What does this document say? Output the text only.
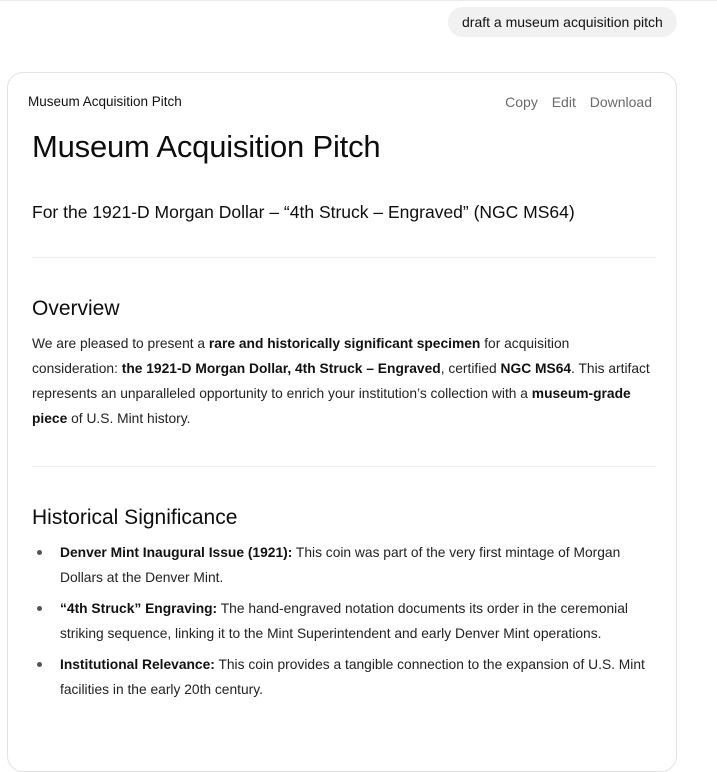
draft a museum acquisition pitch
Museum Acquisition Pitch	Copy Edit Download
Museum Acquisition Pitch

For the 1921-D Morgan Dollar – “4th Struck – Engraved” (NGC MS64)

Overview

We are pleased to present a rare and historically significant specimen for acquisition consideration: the 1921-D Morgan Dollar, 4th Struck – Engraved, certified NGC MS64. This artifact represents an unparalleled opportunity to enrich your institution’s collection with a museum-grade piece of U.S. Mint history.

Historical Significance
Denver Mint Inaugural Issue (1921): This coin was part of the very first mintage of Morgan Dollars at the Denver Mint.
“4th Struck” Engraving: The hand-engraved notation documents its order in the ceremonial striking sequence, linking it to the Mint Superintendent and early Denver Mint operations.
Institutional Relevance: This coin provides a tangible connection to the expansion of U.S. Mint facilities in the early 20th century.
